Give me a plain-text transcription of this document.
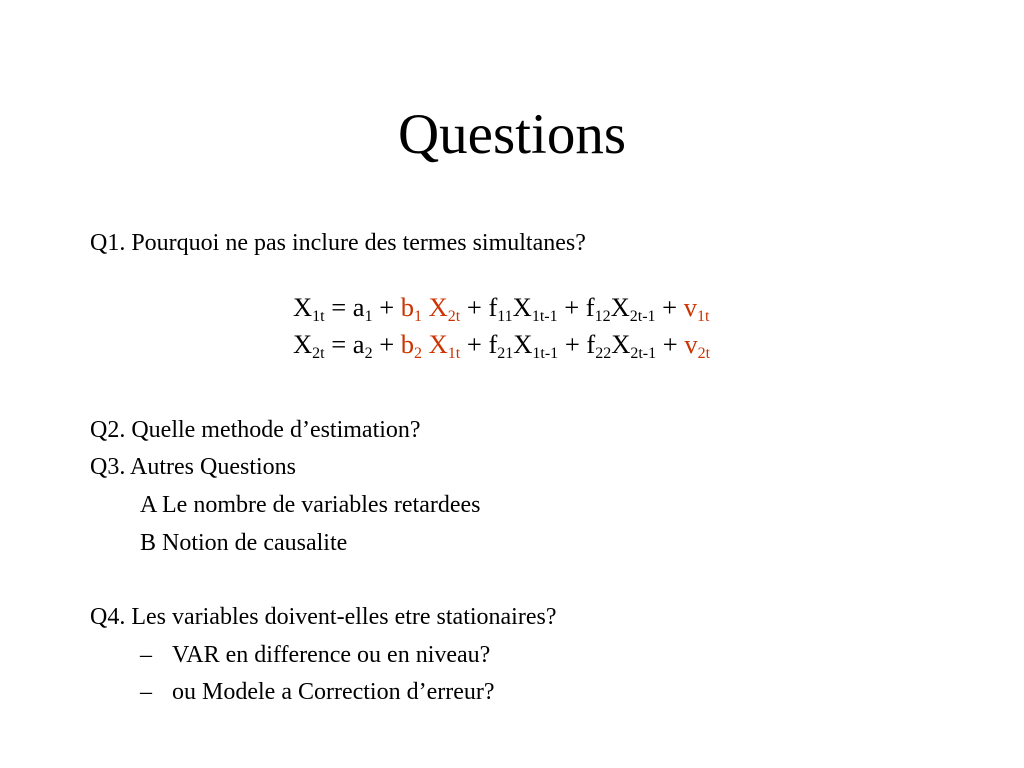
Questions
Q1. Pourquoi ne pas inclure des termes simultanes?
$X_{1t} = a_1 + b_1$ $X_{2t} + f_{11}X_{1t-1} + f_{12}X_{2t-1} + v_{1t}$
$X_{2t} = a_2 + b_2$ $X_{1t} + f_{21}X_{1t-1} + f_{22}X_{2t-1} + v_{2t}$
Q2. Quelle methode d’estimation?
Q3. Autres Questions
A Le nombre de variables retardees
B Notion de causalite
Q4. Les variables doivent-elles etre stationaires?
– VAR en difference ou en niveau?
– ou Modele a Correction d’erreur?
